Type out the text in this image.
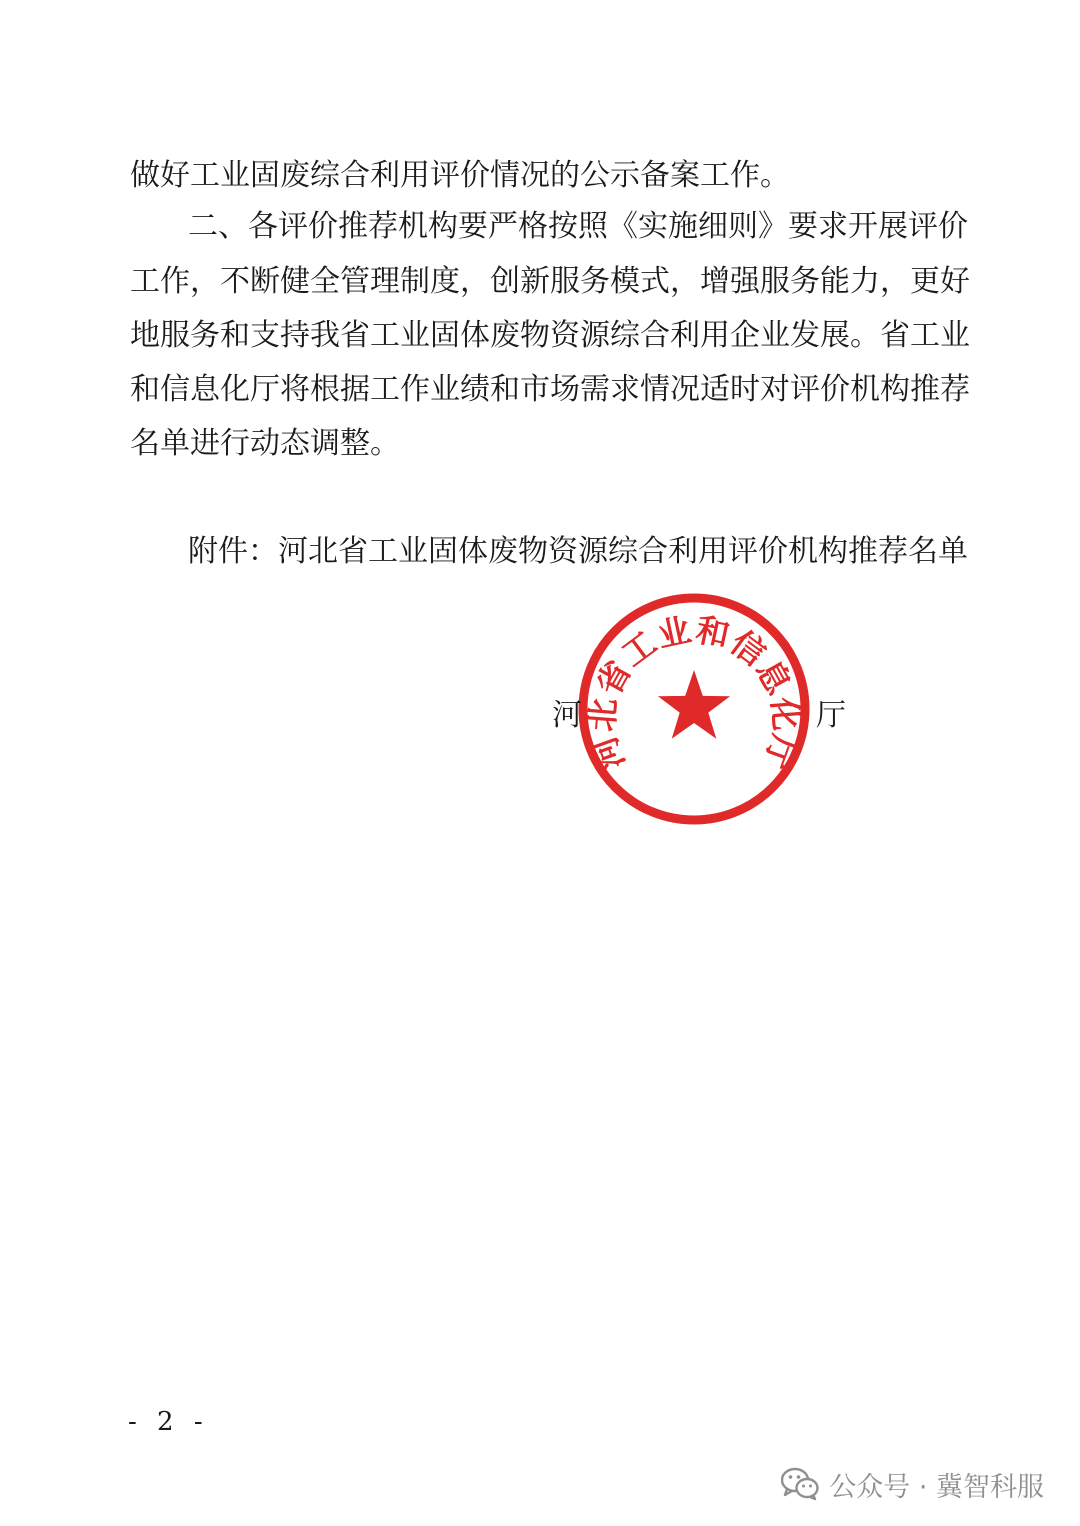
做好工业固废综合利用评价情况的公示备案工作。
二、各评价推荐机构要严格按照《实施细则》要求开展评价
工作，不断健全管理制度，创新服务模式，增强服务能力，更好
地服务和支持我省工业固体废物资源综合利用企业发展。省工业
和信息化厅将根据工作业绩和市场需求情况适时对评价机构推荐
名单进行动态调整。
附件：河北省工业固体废物资源综合利用评价机构推荐名单
河北省工业和信息化厅
河	厅
- 2 -
公众号 · 冀智科服
